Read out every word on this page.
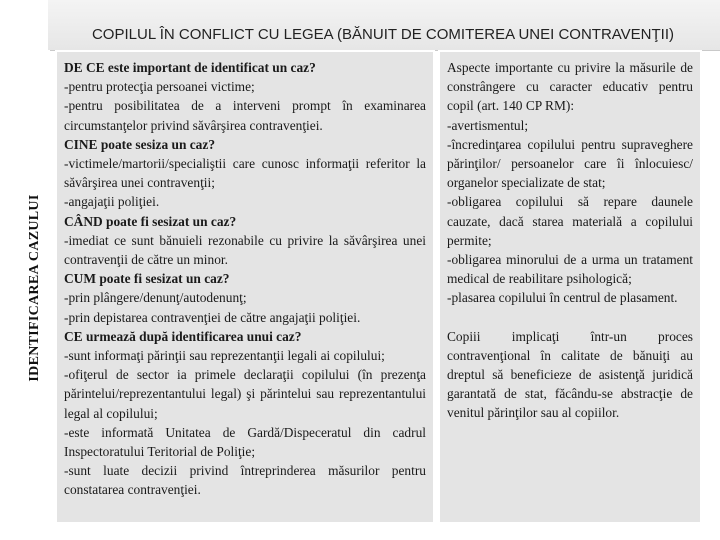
COPILUL ÎN CONFLICT CU LEGEA (BĂNUIT DE COMITEREA UNEI CONTRAVENŢII)
IDENTIFICAREA CAZULUI

DE CE este important de identificat un caz?

-pentru protecţia persoanei victime;

-pentru posibilitatea de a interveni prompt în examinarea circumstanţelor privind săvârşirea contravenţiei.

CINE poate sesiza un caz?

-victimele/martorii/specialiştii care cunosc informaţii referitor la săvârşirea unei contravenţii;

-angajaţii poliţiei.

CÂND poate fi sesizat un caz?

-imediat ce sunt bănuieli rezonabile cu privire la săvârşirea unei contravenţii de către un minor.

CUM poate fi sesizat un caz?

-prin plângere/denunţ/autodenunţ;

-prin depistarea contravenţiei de către angajaţii poliţiei.

CE urmează după identificarea unui caz?

-sunt informaţi părinţii sau reprezentanţii legali ai copilului;

-ofiţerul de sector ia primele declaraţii copilului (în prezenţa părintelui/reprezentantului legal) şi părintelui sau reprezentantului legal al copilului;

-este informată Unitatea de Gardă/Dispeceratul din cadrul Inspectoratului Teritorial de Poliţie;

-sunt luate decizii privind întreprinderea măsurilor pentru constatarea contravenţiei.

Aspecte importante cu privire la măsurile de constrângere cu caracter educativ pentru copil (art. 140 CP RM):

-avertismentul;

-încredinţarea copilului pentru supraveghere părinţilor/ persoanelor care îi înlocuiesc/ organelor specializate de stat;

-obligarea copilului să repare daunele cauzate, dacă starea materială a copilului permite;

-obligarea minorului de a urma un tratament medical de reabilitare psihologică;

-plasarea copilului în centrul de plasament.

Copiii implicaţi într-un proces contravenţional în calitate de bănuiţi au dreptul să beneficieze de asistenţă juridică garantată de stat, făcându-se abstracţie de venitul părinţilor sau al copiilor.
